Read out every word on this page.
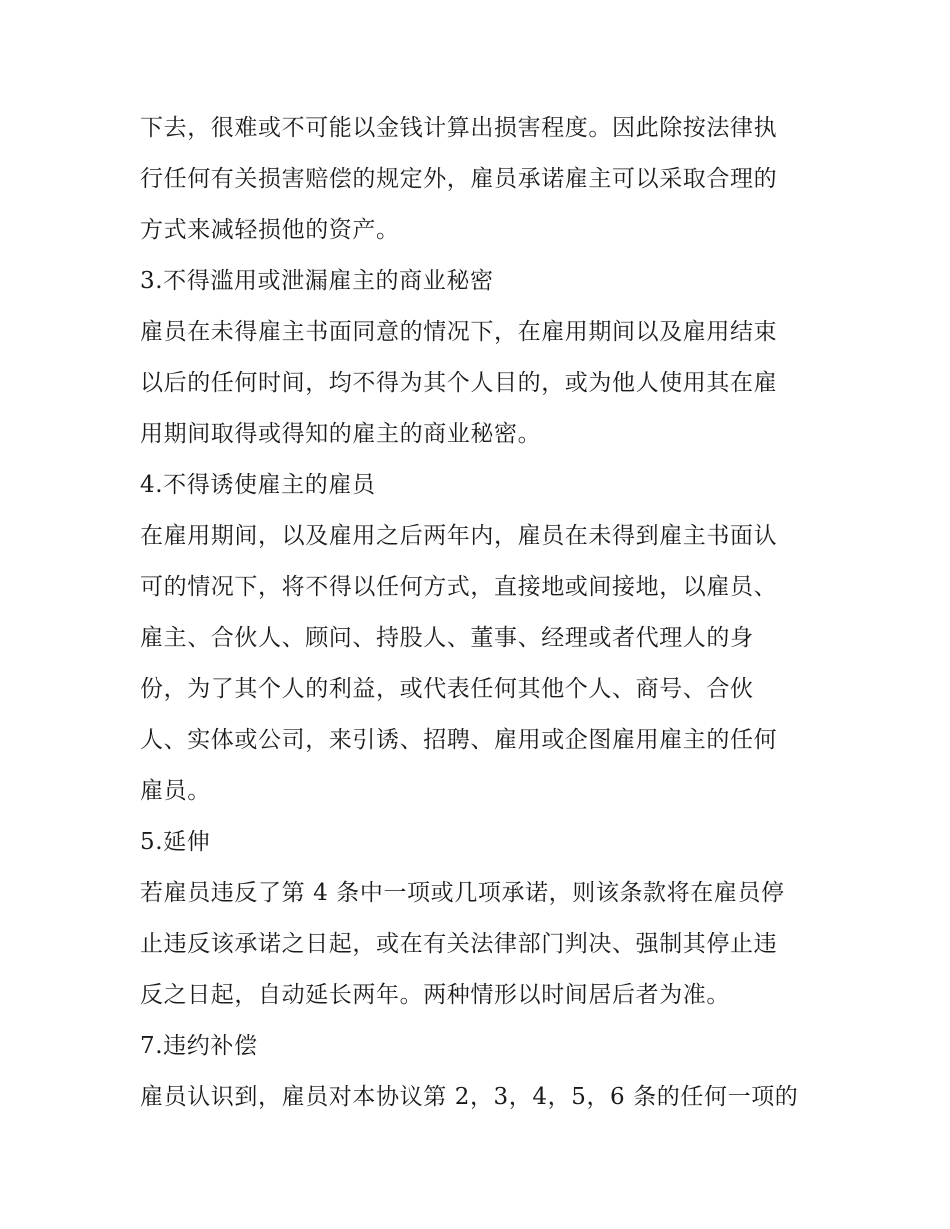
下去，很难或不可能以金钱计算出损害程度。因此除按法律执
行任何有关损害赔偿的规定外，雇员承诺雇主可以采取合理的
方式来减轻损他的资产。
3.不得滥用或泄漏雇主的商业秘密
雇员在未得雇主书面同意的情况下，在雇用期间以及雇用结束
以后的任何时间，均不得为其个人目的，或为他人使用其在雇
用期间取得或得知的雇主的商业秘密。
4.不得诱使雇主的雇员
在雇用期间，以及雇用之后两年内，雇员在未得到雇主书面认
可的情况下，将不得以任何方式，直接地或间接地，以雇员、
雇主、合伙人、顾问、持股人、董事、经理或者代理人的身
份，为了其个人的利益，或代表任何其他个人、商号、合伙
人、实体或公司，来引诱、招聘、雇用或企图雇用雇主的任何
雇员。
5.延伸
若雇员违反了第 4 条中一项或几项承诺，则该条款将在雇员停
止违反该承诺之日起，或在有关法律部门判决、强制其停止违
反之日起，自动延长两年。两种情形以时间居后者为准。
7.违约补偿
雇员认识到，雇员对本协议第 2，3，4，5，6 条的任何一项的
